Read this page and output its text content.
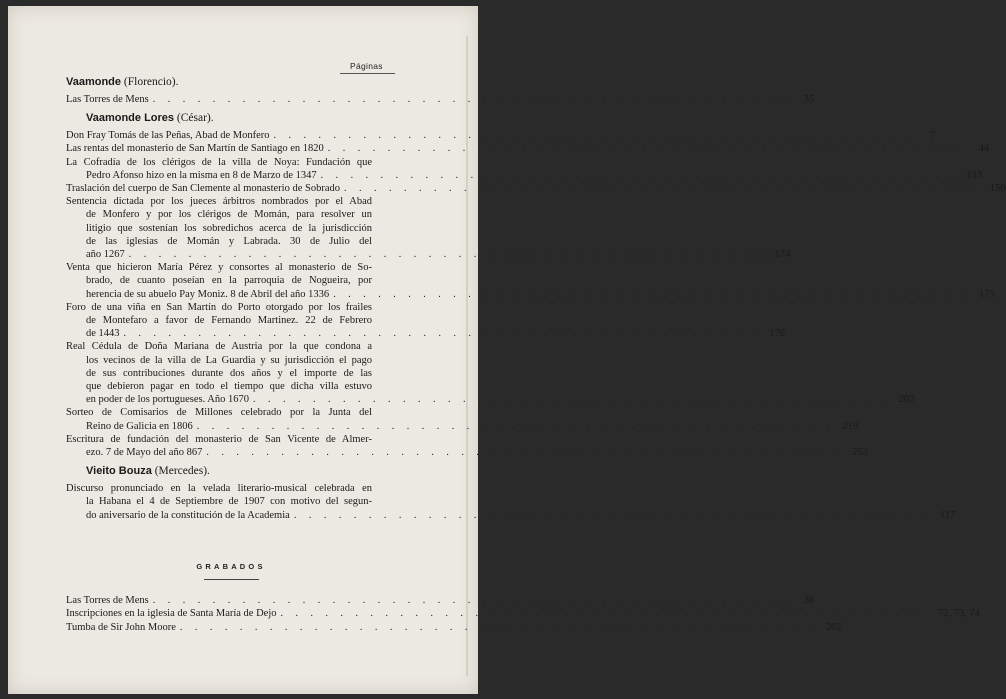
Páginas
Vaamonde (Florencio).
Las Torres de Mens . . . . . . . . . . . . . . . . . . . . . . . . . . . . . . . . . . . . . . . . . . .	35
Vaamonde Lores (César).
Don Fray Tomás de las Peñas, Abad de Monfero . . . . . . . . . . . . . . . . . . . . . . . . . . . . . . . . . . . . . . . . . . .	7
Las rentas del monasterio de San Martín de Santiago en 1820 . . . . . . . . . . . . . . . . . . . . . . . . . . . . . . . . . . . . . . . . . . .	44
La Cofradía de los clérigos de la villa de Noya: Fundación que
Pedro Afonso hizo en la misma en 8 de Marzo de 1347 . . . . . . . . . . . . . . . . . . . . . . . . . . . . . . . . . . . . . . . . . . . 133
Traslación del cuerpo de San Clemente al monasterio de Sobrado . . . . . . . . . . . . . . . . . . . . . . . . . . . . . . . . . . . . . . . . . . . 150
Sentencia dictada por los jueces árbitros nombrados por el Abad
de Monfero y por los clérigos de Momán, para resolver un
litigio que sostenían los sobredichos acerca de la jurisdicción
de las iglesias de Momán y Labrada. 30 de Julio del
año 1267 . . . . . . . . . . . . . . . . . . . . . . . . . . . . . . . . . . . . . . . . . . . 174
Venta que hicieron María Pérez y consortes al monasterio de So-
brado, de cuanto poseían en la parroquia de Nogueira, por
herencia de su abuelo Pay Moniz. 8 de Abril del año 1336 . . . . . . . . . . . . . . . . . . . . . . . . . . . . . . . . . . . . . . . . . . . 175
Foro de una viña en San Martín do Porto otorgado por los frailes
de Montefaro a favor de Fernando Martinez. 22 de Febrero
de 1443 . . . . . . . . . . . . . . . . . . . . . . . . . . . . . . . . . . . . . . . . . . . 176
Real Cédula de Doña Mariana de Austria por la que condona a
los vecinos de la villa de La Guardia y su jurisdicción el pago
de sus contribuciones durante dos años y el importe de las
que debieron pagar en todo el tiempo que dicha villa estuvo
en poder de los portugueses. Año 1670 . . . . . . . . . . . . . . . . . . . . . . . . . . . . . . . . . . . . . . . . . . . 202
Sorteo de Comisarios de Millones celebrado por la Junta del
Reino de Galicia en 1806 . . . . . . . . . . . . . . . . . . . . . . . . . . . . . . . . . . . . . . . . . . . 219
Escritura de fundación del monasterio de San Vicente de Almer-
ezo. 7 de Mayo del año 867 . . . . . . . . . . . . . . . . . . . . . . . . . . . . . . . . . . . . . . . . . . . 252
Vieito Bouza (Mercedes).
Discurso pronunciado en la velada literario-musical celebrada en
la Habana el 4 de Septiembre de 1907 con motivo del segun-
do aniversario de la constitución de la Academia . . . . . . . . . . . . . . . . . . . . . . . . . . . . . . . . . . . . . . . . . . . 117
GRABADOS
Las Torres de Mens . . . . . . . . . . . . . . . . . . . . . . . . . . . . . . . . . . . . . . . . . . .	36
Inscripciones en la iglesia de Santa María de Dejo . . . . . . . . . . . . . . . . . . . . . . . . . . . . . . . . . . . . . . . . . . .	72, 73, 74
Tumba de Sir John Moore . . . . . . . . . . . . . . . . . . . . . . . . . . . . . . . . . . . . . . . . . . . 262
